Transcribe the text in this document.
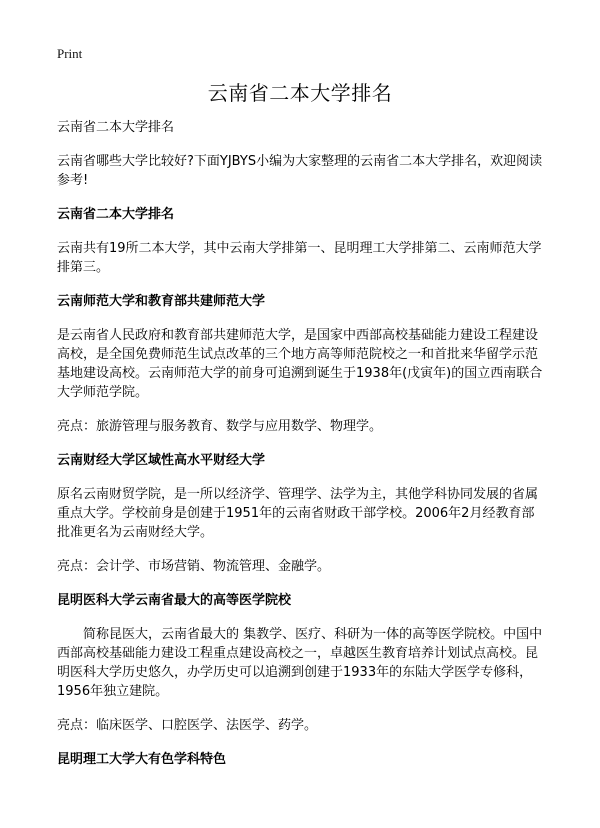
Print
云南省二本大学排名

云南省二本大学排名

云南省哪些大学比较好?下面YJBYS小编为大家整理的云南省二本大学排名，欢迎阅读参考!

云南省二本大学排名

云南共有19所二本大学，其中云南大学排第一、昆明理工大学排第二、云南师范大学排第三。

云南师范大学和教育部共建师范大学

是云南省人民政府和教育部共建师范大学，是国家中西部高校基础能力建设工程建设高校，是全国免费师范生试点改革的三个地方高等师范院校之一和首批来华留学示范基地建设高校。云南师范大学的前身可追溯到诞生于1938年(戊寅年)的国立西南联合大学师范学院。

亮点：旅游管理与服务教育、数学与应用数学、物理学。

云南财经大学区域性高水平财经大学

原名云南财贸学院，是一所以经济学、管理学、法学为主，其他学科协同发展的省属重点大学。学校前身是创建于1951年的云南省财政干部学校。2006年2月经教育部批准更名为云南财经大学。

亮点：会计学、市场营销、物流管理、金融学。

昆明医科大学云南省最大的高等医学院校

简称昆医大，云南省最大的 集教学、医疗、科研为一体的高等医学院校。中国中西部高校基础能力建设工程重点建设高校之一，卓越医生教育培养计划试点高校。昆明医科大学历史悠久，办学历史可以追溯到创建于1933年的东陆大学医学专修科，1956年独立建院。

亮点：临床医学、口腔医学、法医学、药学。

昆明理工大学大有色学科特色
